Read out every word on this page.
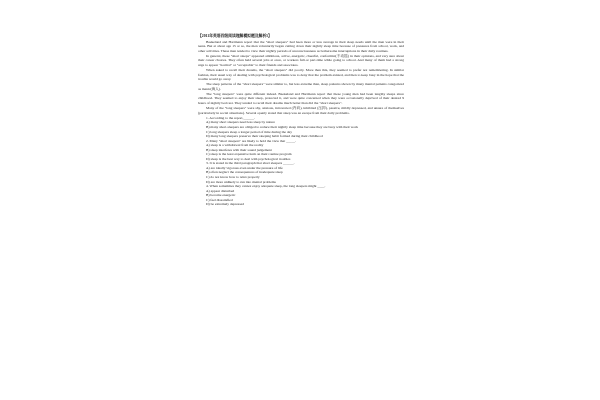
【2011年英语四级阅读理解模拟题及解析5】

Baekeland and Hartmann report that the "short sleepers" had been more or less average in their sleep needs until the men were in their teens. But at about age 15 or so, the men voluntarily began cutting down their nightly sleep time because of pressures from school, work, and other activities. These men tended to view their nightly periods of unconsciousness as bothersome interruptions in their daily routines.

In general, these "short sleeps" appeared ambitious, active, energetic, cheerful, conformist(不动摇) in their opinions, and very sure about their career choices. They often held several jobs at once, or workers full-or part-time while going to school. And many of them had a strong urge to appear "normal" or "acceptable" to their friends and associates.

When asked to recall their dreams, the "short sleepers" did poorly. More than this, they seemed to prefer not remembering. In similar fashion, their usual way of dealing with psychological problems was to deny that the problem existed, and then to keep busy in the hope that the trouble would go away.

The sleep patterns of the "short sleepers" were similar to, but less extreme than, sleep patterns shown by many mental patients categorized as manic(疯人).

The "long sleepers" were quite different indeed. Baekeland and Hartmann report that these young men had been lengthy sleeps since childhood. They seemed to enjoy their sleep, protected it, and were quite concerned when they were occasionally deprived of their desired 9 hours of nightly bed rest. They tended to recall their dreams much better than did the "short sleepers".

Many of the "long sleepers" were shy, anxious, introverted (内向), inhibited (压抑), passive, mildly depressed, and unsure of themselves (particularly in social situations). Several openly stated that sleep was an escape from their daily problems.

1. According to the report,______.

A) many short sleepers need less sleep by nature

B) many short-sleepers are obliged to reduce their nightly sleep time because they are busy with their work

C) long sleepers sleep a longer period of time during the day

D) many long sleepers preserve their sleeping habit formed during their childhood

2. Many "short sleepers" are likely to hold the view that _____.

A) sleep is a withdrawal from the reality

B) sleep interferes with their sound judgement

C) sleep is the least expensive item on their routine program

D) sleep is the best way to deal with psychological troubles

3. It is stated in the third paragraph that short sleepers ______.

A) are ideally vigorous even under the pressure of life

B) often neglect the consequences of inadequate sleep

C) do not know how to relax properly

D) are more unlikely to run into mental problems

4. When sometimes they cannot enjoy adequate sleep, the long sleepers might ____.

A) appear disturbed

B) become energetic

C) feel dissatisfied

D) be extremely depressed
